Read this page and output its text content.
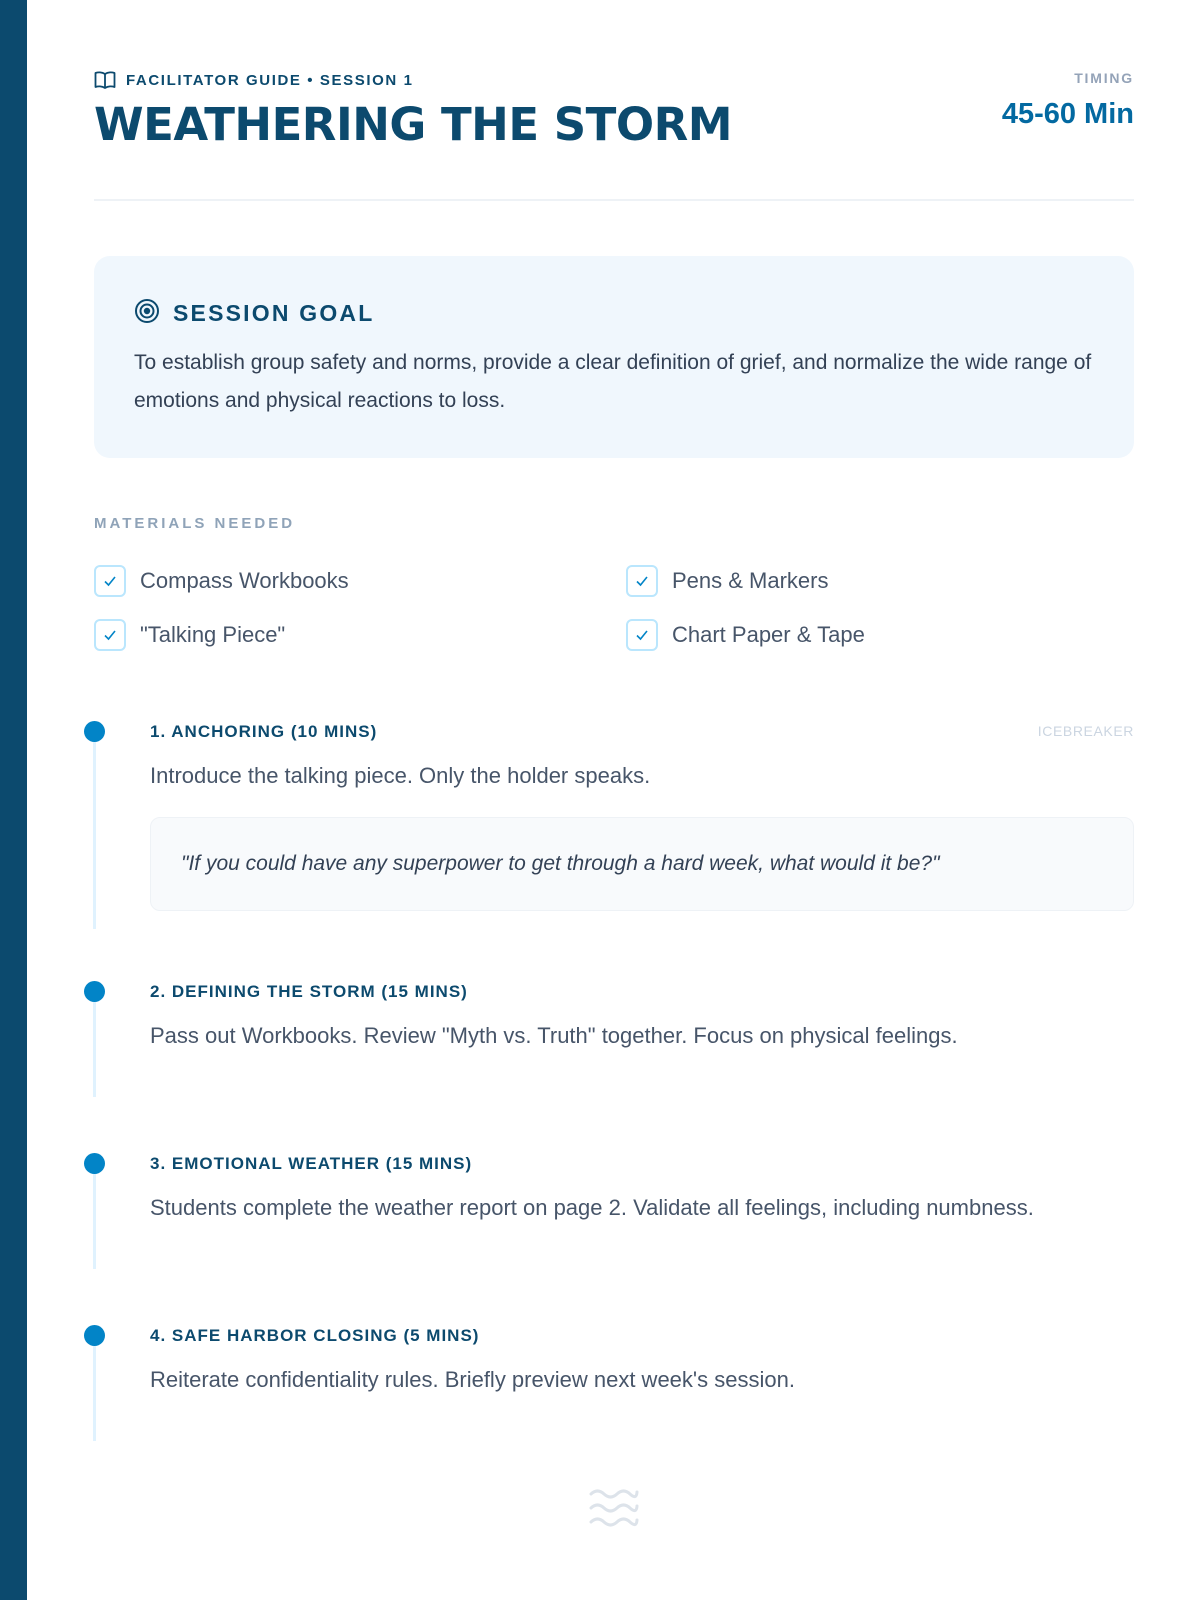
FACILITATOR GUIDE • SESSION 1
WEATHERING THE STORM
TIMING
45-60 Min
SESSION GOAL

To establish group safety and norms, provide a clear definition of grief, and normalize the wide range of emotions and physical reactions to loss.

MATERIALS NEEDED
Compass Workbooks	Pens & Markers
"Talking Piece"	Chart Paper & Tape
1. ANCHORING (10 MINS)	ICEBREAKER
Introduce the talking piece. Only the holder speaks.
"If you could have any superpower to get through a hard week, what would it be?"
2. DEFINING THE STORM (15 MINS)
Pass out Workbooks. Review "Myth vs. Truth" together. Focus on physical feelings.
3. EMOTIONAL WEATHER (15 MINS)
Students complete the weather report on page 2. Validate all feelings, including numbness.
4. SAFE HARBOR CLOSING (5 MINS)
Reiterate confidentiality rules. Briefly preview next week's session.
